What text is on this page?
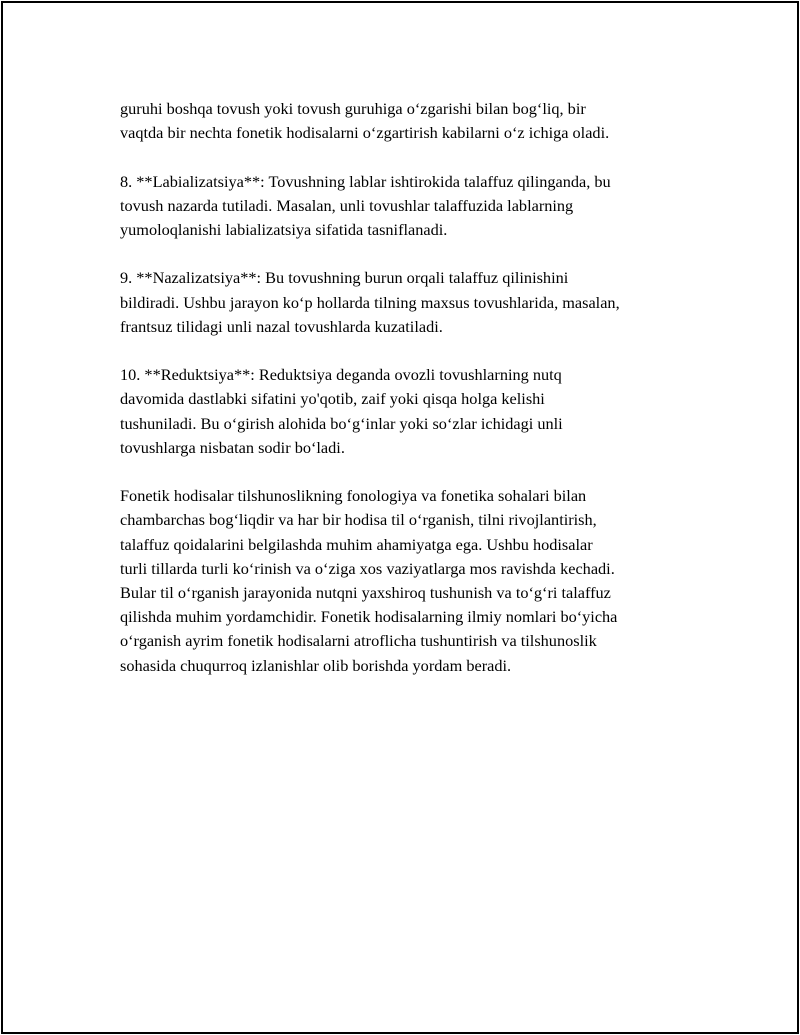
guruhi boshqa tovush yoki tovush guruhiga o‘zgarishi bilan bog‘liq, bir
vaqtda bir nechta fonetik hodisalarni o‘zgartirish kabilarni o‘z ichiga oladi.
8. **Labializatsiya**: Tovushning lablar ishtirokida talaffuz qilinganda, bu
tovush nazarda tutiladi. Masalan, unli tovushlar talaffuzida lablarning
yumoloqlanishi labializatsiya sifatida tasniflanadi.
9. **Nazalizatsiya**: Bu tovushning burun orqali talaffuz qilinishini
bildiradi. Ushbu jarayon ko‘p hollarda tilning maxsus tovushlarida, masalan,
frantsuz tilidagi unli nazal tovushlarda kuzatiladi.
10. **Reduktsiya**: Reduktsiya deganda ovozli tovushlarning nutq
davomida dastlabki sifatini yo'qotib, zaif yoki qisqa holga kelishi
tushuniladi. Bu o‘girish alohida bo‘g‘inlar yoki so‘zlar ichidagi unli
tovushlarga nisbatan sodir bo‘ladi.
Fonetik hodisalar tilshunoslikning fonologiya va fonetika sohalari bilan
chambarchas bog‘liqdir va har bir hodisa til o‘rganish, tilni rivojlantirish,
talaffuz qoidalarini belgilashda muhim ahamiyatga ega. Ushbu hodisalar
turli tillarda turli ko‘rinish va o‘ziga xos vaziyatlarga mos ravishda kechadi.
Bular til o‘rganish jarayonida nutqni yaxshiroq tushunish va to‘g‘ri talaffuz
qilishda muhim yordamchidir. Fonetik hodisalarning ilmiy nomlari bo‘yicha
o‘rganish ayrim fonetik hodisalarni atroflicha tushuntirish va tilshunoslik
sohasida chuqurroq izlanishlar olib borishda yordam beradi.
